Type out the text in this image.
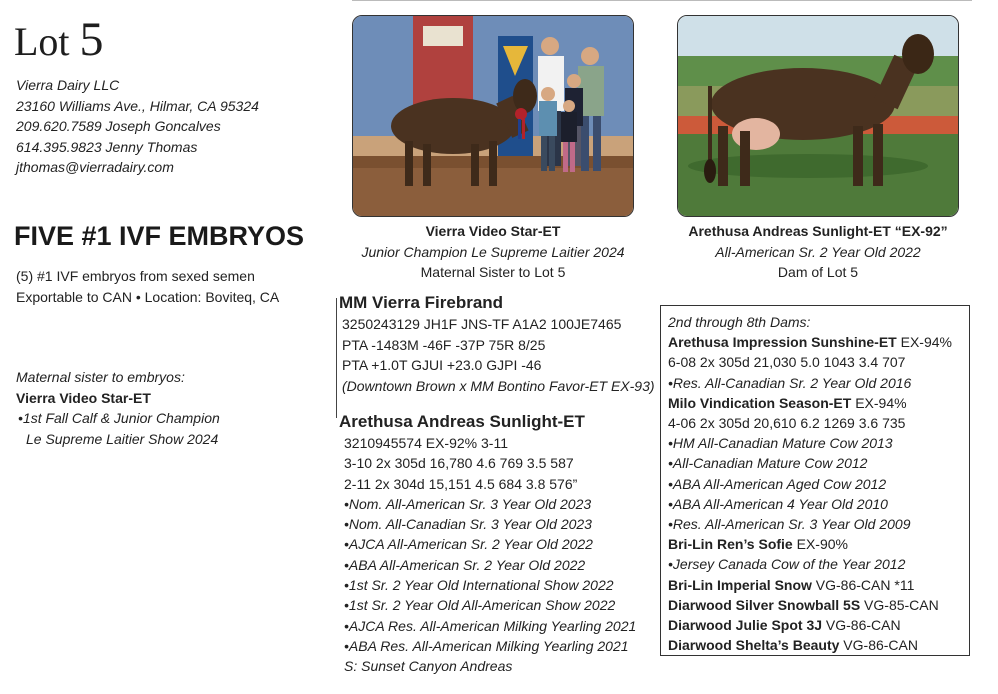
Lot 5
Vierra Dairy LLC
23160 Williams Ave., Hilmar, CA 95324
209.620.7589 Joseph Goncalves
614.395.9823 Jenny Thomas
jthomas@vierradairy.com
FIVE #1 IVF EMBRYOS
(5) #1 IVF embryos from sexed semen
Exportable to CAN • Location: Boviteq, CA
Maternal sister to embryos:
Vierra Video Star-ET
•1st Fall Calf & Junior Champion
Le Supreme Laitier Show 2024
Vierra Video Star-ET
Junior Champion Le Supreme Laitier 2024
Maternal Sister to Lot 5
Arethusa Andreas Sunlight-ET “EX-92”
All-American Sr. 2 Year Old 2022
Dam of Lot 5
MM Vierra Firebrand
3250243129 JH1F JNS-TF A1A2 100JE7465
PTA -1483M -46F -37P 75R 8/25
PTA +1.0T GJUI +23.0 GJPI -46
(Downtown Brown x MM Bontino Favor-ET EX-93)
Arethusa Andreas Sunlight-ET
3210945574 EX-92% 3-11
3-10 2x 305d 16,780 4.6 769 3.5 587
2-11 2x 304d 15,151 4.5 684 3.8 576”
•Nom. All-American Sr. 3 Year Old 2023
•Nom. All-Canadian Sr. 3 Year Old 2023
•AJCA All-American Sr. 2 Year Old 2022
•ABA All-American Sr. 2 Year Old 2022
•1st Sr. 2 Year Old International Show 2022
•1st Sr. 2 Year Old All-American Show 2022
•AJCA Res. All-American Milking Yearling 2021
•ABA Res. All-American Milking Yearling 2021
S: Sunset Canyon Andreas
2nd through 8th Dams:
Arethusa Impression Sunshine-ET EX-94%
6-08 2x 305d 21,030 5.0 1043 3.4 707
•Res. All-Canadian Sr. 2 Year Old 2016
Milo Vindication Season-ET EX-94%
4-06 2x 305d 20,610 6.2 1269 3.6 735
•HM All-Canadian Mature Cow 2013
•All-Canadian Mature Cow 2012
•ABA All-American Aged Cow 2012
•ABA All-American 4 Year Old 2010
•Res. All-American Sr. 3 Year Old 2009
Bri-Lin Ren’s Sofie EX-90%
•Jersey Canada Cow of the Year 2012
Bri-Lin Imperial Snow VG-86-CAN *11
Diarwood Silver Snowball 5S VG-85-CAN
Diarwood Julie Spot 3J VG-86-CAN
Diarwood Shelta’s Beauty VG-86-CAN
